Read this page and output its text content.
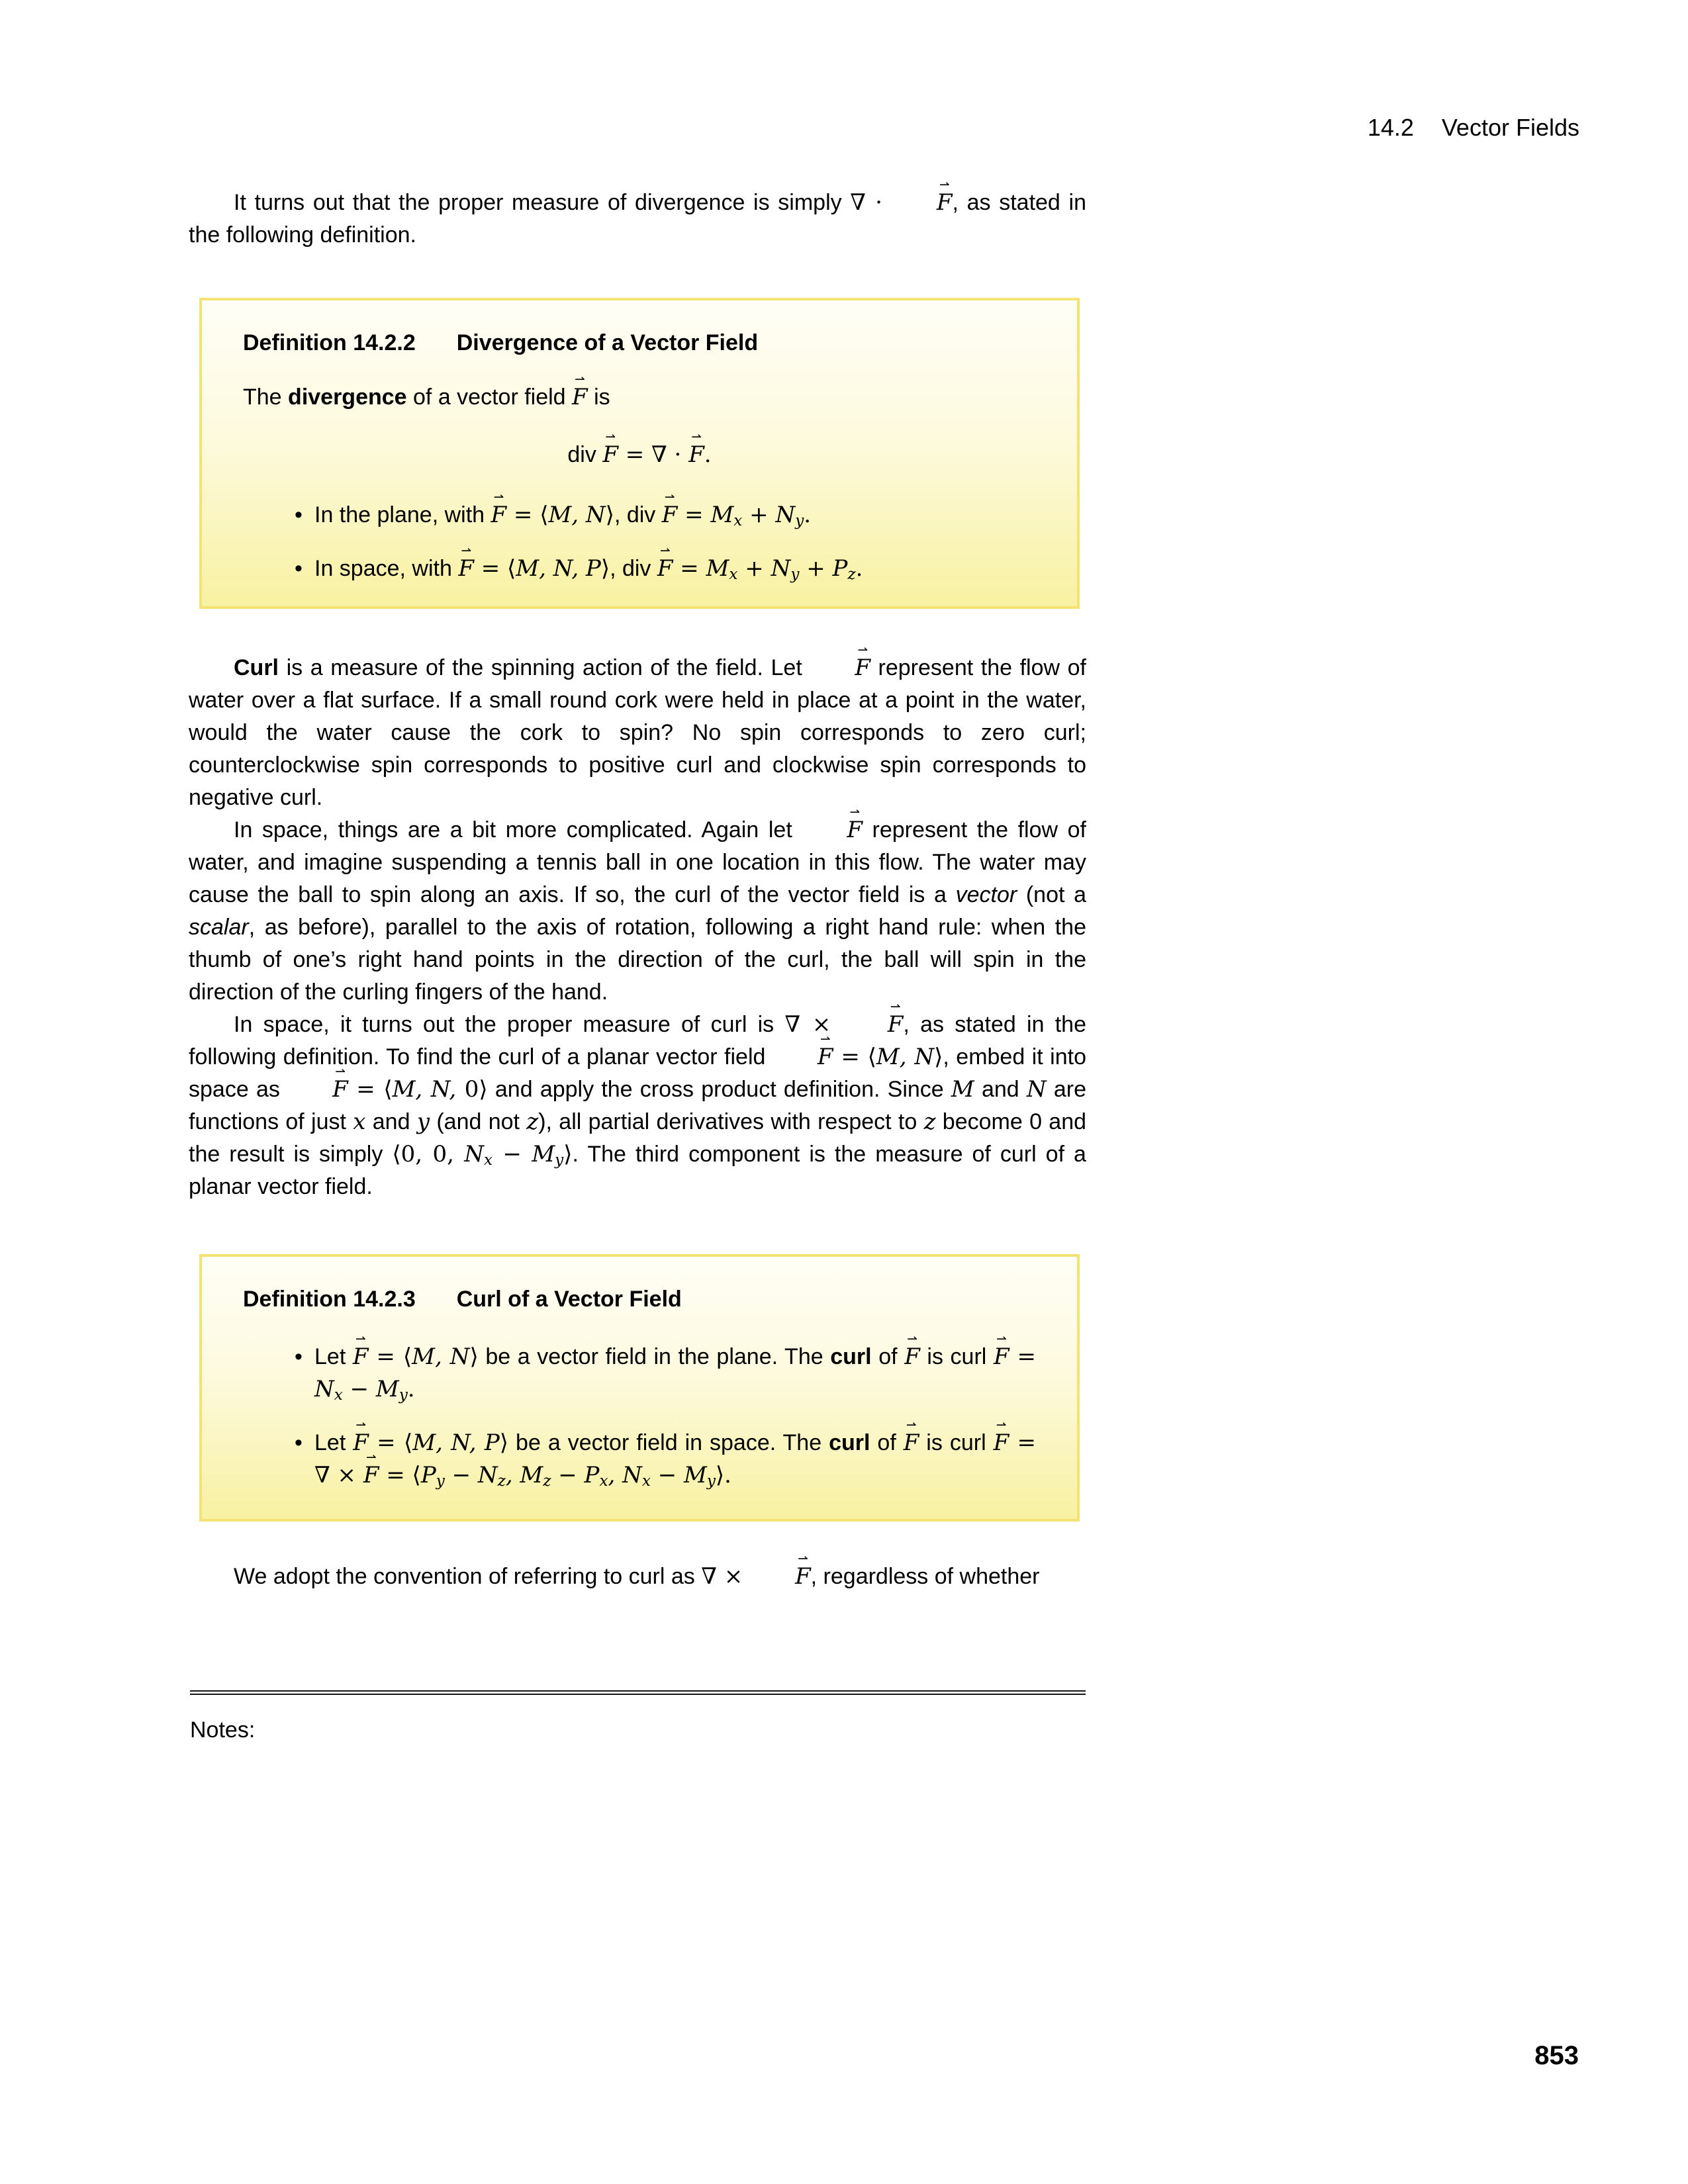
14.2 Vector Fields

It turns out that the proper measure of divergence is simply ∇ · F ⇀, as stated in the following definition.

Definition 14.2.2 Divergence of a Vector Field

The divergence of a vector field F ⇀ is

div F ⇀ = ∇ · F ⇀.
• In the plane, with F ⇀ = ⟨M, N⟩, div F ⇀ = Mx + Ny.
• In space, with F ⇀ = ⟨M, N, P⟩, div F ⇀ = Mx + Ny + Pz.

Curl is a measure of the spinning action of the field. Let F ⇀ represent the flow of water over a flat surface. If a small round cork were held in place at a point in the water, would the water cause the cork to spin? No spin corresponds to zero curl; counterclockwise spin corresponds to positive curl and clockwise spin corresponds to negative curl.

In space, things are a bit more complicated. Again let F ⇀ represent the flow of water, and imagine suspending a tennis ball in one location in this flow. The water may cause the ball to spin along an axis. If so, the curl of the vector field is a vector (not a scalar, as before), parallel to the axis of rotation, following a right hand rule: when the thumb of one’s right hand points in the direction of the curl, the ball will spin in the direction of the curling fingers of the hand.

In space, it turns out the proper measure of curl is ∇ × F ⇀, as stated in the following definition. To find the curl of a planar vector field F ⇀ = ⟨M, N⟩, embed it into space as F ⇀ = ⟨M, N, 0⟩ and apply the cross product definition. Since M and N are functions of just x and y (and not z), all partial derivatives with respect to z become 0 and the result is simply ⟨0, 0, Nx − My⟩. The third component is the measure of curl of a planar vector field.

Definition 14.2.3 Curl of a Vector Field
• Let F ⇀ = ⟨M, N⟩ be a vector field in the plane. The curl of F ⇀ is curl F ⇀ = Nx − My.
• Let F ⇀ = ⟨M, N, P⟩ be a vector field in space. The curl of F ⇀ is curl F ⇀ = ∇ × F ⇀ = ⟨Py − Nz, Mz − Px, Nx − My⟩.

We adopt the convention of referring to curl as ∇ × F ⇀, regardless of whether

Notes:
853
